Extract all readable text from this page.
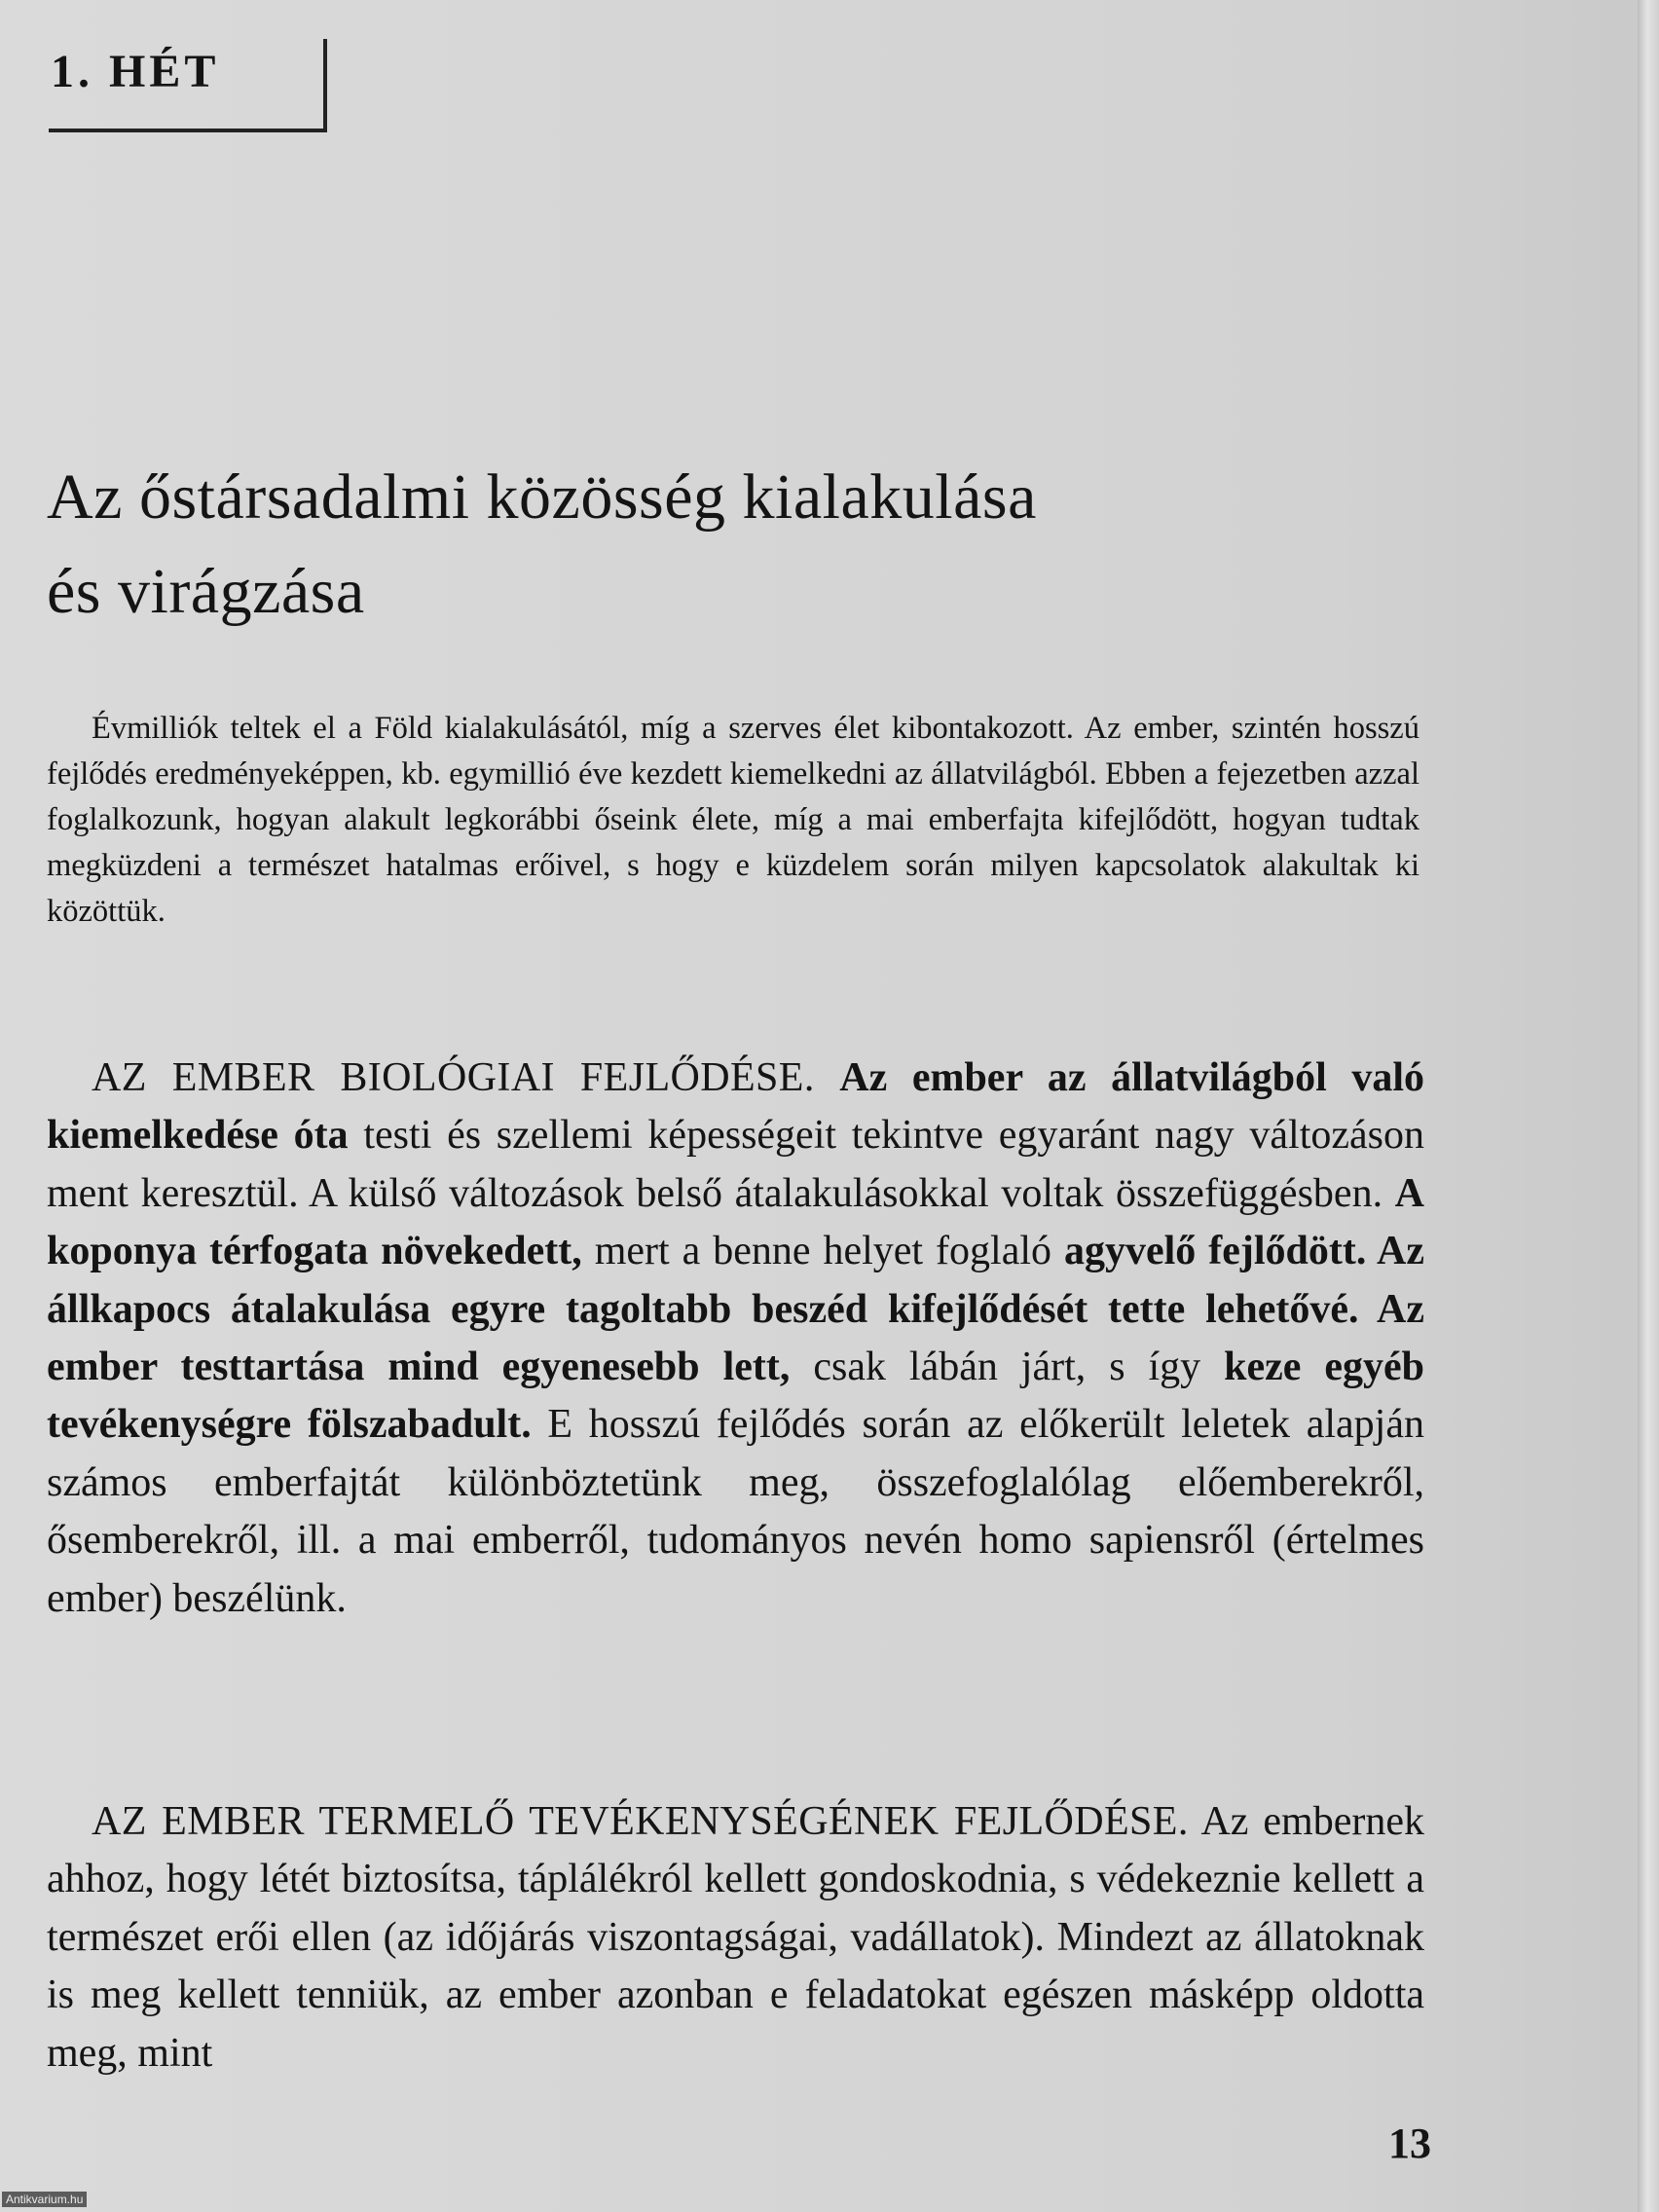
1. HÉT
Az őstársadalmi közösség kialakulása
és virágzása

Évmilliók teltek el a Föld kialakulásától, míg a szerves élet kibontakozott. Az ember, szintén hosszú fejlődés eredményeképpen, kb. egymillió éve kezdett kiemelkedni az állatvilágból. Ebben a fejezetben azzal foglalkozunk, hogyan alakult legkorábbi őseink élete, míg a mai emberfajta kifejlődött, hogyan tudtak megküzdeni a természet hatalmas erőivel, s hogy e küzdelem során milyen kapcsolatok alakultak ki közöttük.

AZ EMBER BIOLÓGIAI FEJLŐDÉSE. Az ember az állatvilágból való kiemelkedése óta testi és szellemi képességeit tekintve egyaránt nagy változáson ment keresztül. A külső változások belső átalakulásokkal voltak összefüggésben. A koponya térfogata növekedett, mert a benne helyet foglaló agyvelő fejlődött. Az állkapocs átalakulása egyre tagoltabb beszéd kifejlődését tette lehetővé. Az ember testtartása mind egyenesebb lett, csak lábán járt, s így keze egyéb tevékenységre fölszabadult. E hosszú fejlődés során az előkerült leletek alapján számos emberfajtát különböztetünk meg, összefoglalólag előemberekről, ősemberekről, ill. a mai emberről, tudományos nevén homo sapiensről (értelmes ember) beszélünk.

AZ EMBER TERMELŐ TEVÉKENYSÉGÉNEK FEJLŐDÉSE. Az embernek ahhoz, hogy létét biztosítsa, táplálékról kellett gondoskodnia, s védekeznie kellett a természet erői ellen (az időjárás viszontagságai, vadállatok). Mindezt az állatoknak is meg kellett tenniük, az ember azonban e feladatokat egészen másképp oldotta meg, mint

13
Antikvarium.hu
